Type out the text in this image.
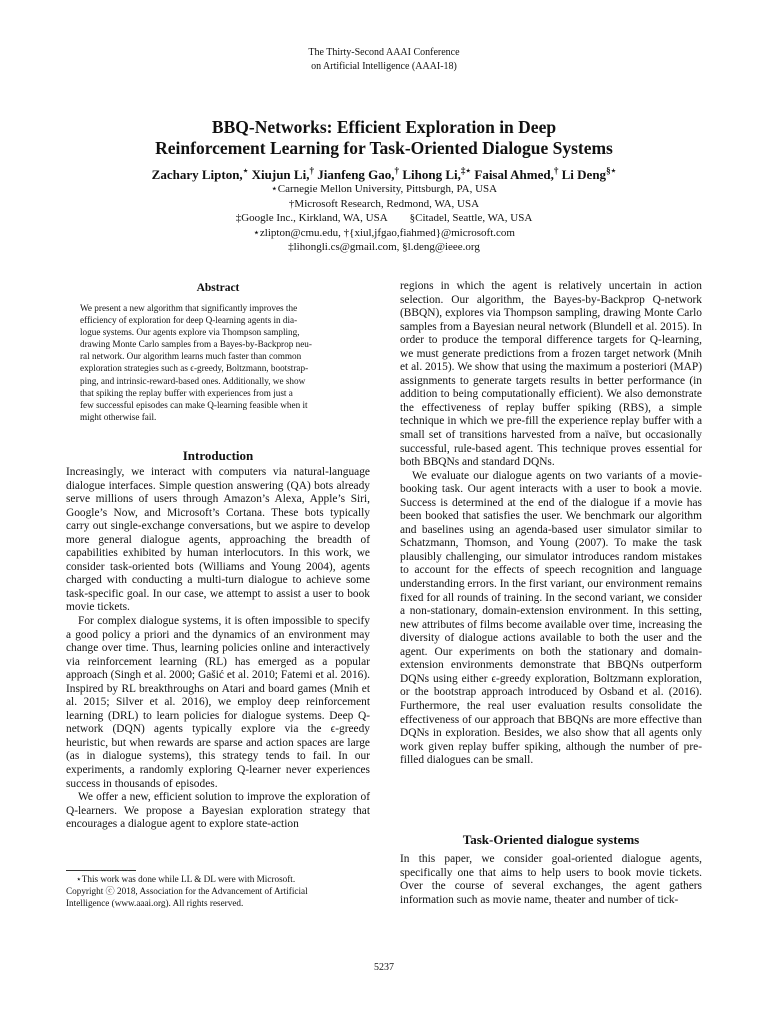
The Thirty-Second AAAI Conference
on Artificial Intelligence (AAAI-18)
BBQ-Networks: Efficient Exploration in Deep
Reinforcement Learning for Task-Oriented Dialogue Systems
Zachary Lipton,⋆ Xiujun Li,† Jianfeng Gao,† Lihong Li,‡⋆ Faisal Ahmed,† Li Deng§⋆
⋆Carnegie Mellon University, Pittsburgh, PA, USA
†Microsoft Research, Redmond, WA, USA
‡Google Inc., Kirkland, WA, USA §Citadel, Seattle, WA, USA
⋆zlipton@cmu.edu, †{xiul,jfgao,fiahmed}@microsoft.com
‡lihongli.cs@gmail.com, §l.deng@ieee.org
Abstract
We present a new algorithm that significantly improves the
efficiency of exploration for deep Q-learning agents in dia-
logue systems. Our agents explore via Thompson sampling,
drawing Monte Carlo samples from a Bayes-by-Backprop neu-
ral network. Our algorithm learns much faster than common
exploration strategies such as ϵ-greedy, Boltzmann, bootstrap-
ping, and intrinsic-reward-based ones. Additionally, we show
that spiking the replay buffer with experiences from just a
few successful episodes can make Q-learning feasible when it
might otherwise fail.
Introduction

Increasingly, we interact with computers via natural-language dialogue interfaces. Simple question answering (QA) bots already serve millions of users through Amazon’s Alexa, Apple’s Siri, Google’s Now, and Microsoft’s Cortana. These bots typically carry out single-exchange conversations, but we aspire to develop more general dialogue agents, approaching the breadth of capabilities exhibited by human interlocutors. In this work, we consider task-oriented bots (Williams and Young 2004), agents charged with conducting a multi-turn dialogue to achieve some task-specific goal. In our case, we attempt to assist a user to book movie tickets.

For complex dialogue systems, it is often impossible to specify a good policy a priori and the dynamics of an environment may change over time. Thus, learning policies online and interactively via reinforcement learning (RL) has emerged as a popular approach (Singh et al. 2000; Gašić et al. 2010; Fatemi et al. 2016). Inspired by RL breakthroughs on Atari and board games (Mnih et al. 2015; Silver et al. 2016), we employ deep reinforcement learning (DRL) to learn policies for dialogue systems. Deep Q-network (DQN) agents typically explore via the ϵ-greedy heuristic, but when rewards are sparse and action spaces are large (as in dialogue systems), this strategy tends to fail. In our experiments, a randomly exploring Q-learner never experiences success in thousands of episodes.

We offer a new, efficient solution to improve the exploration of Q-learners. We propose a Bayesian exploration strategy that encourages a dialogue agent to explore state-action

⋆This work was done while LL & DL were with Microsoft.
Copyright ⓒ 2018, Association for the Advancement of Artificial
Intelligence (www.aaai.org). All rights reserved.

regions in which the agent is relatively uncertain in action selection. Our algorithm, the Bayes-by-Backprop Q-network (BBQN), explores via Thompson sampling, drawing Monte Carlo samples from a Bayesian neural network (Blundell et al. 2015). In order to produce the temporal difference targets for Q-learning, we must generate predictions from a frozen target network (Mnih et al. 2015). We show that using the maximum a posteriori (MAP) assignments to generate targets results in better performance (in addition to being computationally efficient). We also demonstrate the effectiveness of replay buffer spiking (RBS), a simple technique in which we pre-fill the experience replay buffer with a small set of transitions harvested from a naïve, but occasionally successful, rule-based agent. This technique proves essential for both BBQNs and standard DQNs.

We evaluate our dialogue agents on two variants of a movie-booking task. Our agent interacts with a user to book a movie. Success is determined at the end of the dialogue if a movie has been booked that satisfies the user. We benchmark our algorithm and baselines using an agenda-based user simulator similar to Schatzmann, Thomson, and Young (2007). To make the task plausibly challenging, our simulator introduces random mistakes to account for the effects of speech recognition and language understanding errors. In the first variant, our environment remains fixed for all rounds of training. In the second variant, we consider a non-stationary, domain-extension environment. In this setting, new attributes of films become available over time, increasing the diversity of dialogue actions available to both the user and the agent. Our experiments on both the stationary and domain-extension environments demonstrate that BBQNs outperform DQNs using either ϵ-greedy exploration, Boltzmann exploration, or the bootstrap approach introduced by Osband et al. (2016). Furthermore, the real user evaluation results consolidate the effectiveness of our approach that BBQNs are more effective than DQNs in exploration. Besides, we also show that all agents only work given replay buffer spiking, although the number of pre-filled dialogues can be small.

Task-Oriented dialogue systems

In this paper, we consider goal-oriented dialogue agents, specifically one that aims to help users to book movie tickets. Over the course of several exchanges, the agent gathers information such as movie name, theater and number of tick-

5237
